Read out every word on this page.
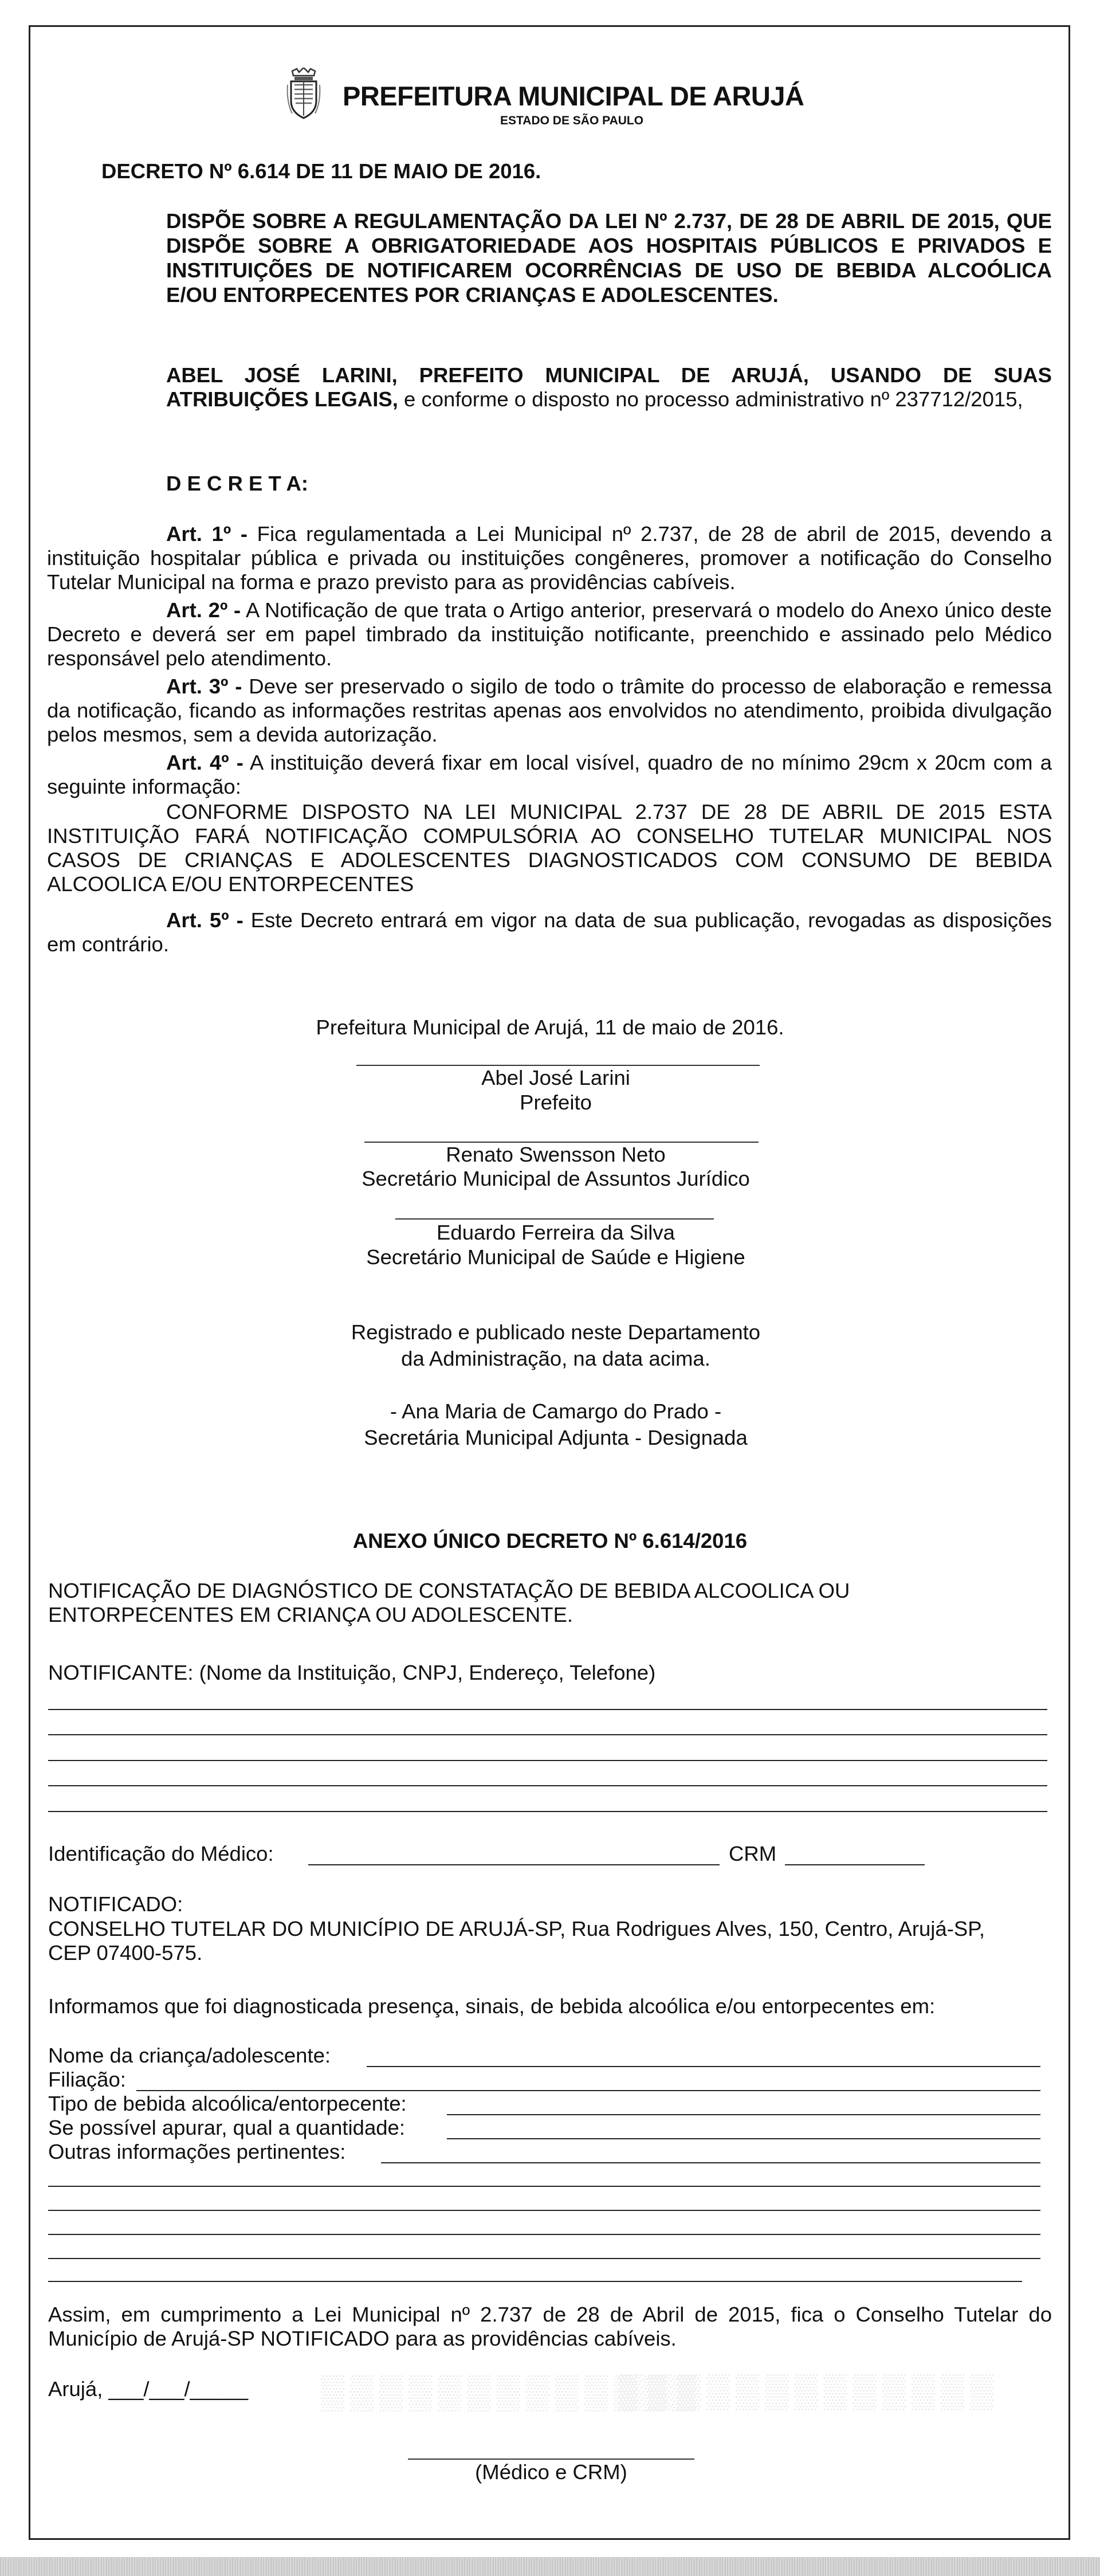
PREFEITURA MUNICIPAL DE ARUJÁ
ESTADO DE SÃO PAULO
DECRETO Nº 6.614 DE 11 DE MAIO DE 2016.
DISPÕE SOBRE A REGULAMENTAÇÃO DA LEI Nº 2.737, DE 28 DE ABRIL DE 2015, QUE DISPÕE SOBRE A OBRIGATORIEDADE AOS HOSPITAIS PÚBLICOS E PRIVADOS E INSTITUIÇÕES DE NOTIFICAREM OCORRÊNCIAS DE USO DE BEBIDA ALCOÓLICA E/OU ENTORPECENTES POR CRIANÇAS E ADOLESCENTES.
ABEL JOSÉ LARINI, PREFEITO MUNICIPAL DE ARUJÁ, USANDO DE SUAS ATRIBUIÇÕES LEGAIS, e conforme o disposto no processo administrativo nº 237712/2015,
D E C R E T A:
Art. 1º - Fica regulamentada a Lei Municipal nº 2.737, de 28 de abril de 2015, devendo a instituição hospitalar pública e privada ou instituições congêneres, promover a notificação do Conselho Tutelar Municipal na forma e prazo previsto para as providências cabíveis.
Art. 2º - A Notificação de que trata o Artigo anterior, preservará o modelo do Anexo único deste Decreto e deverá ser em papel timbrado da instituição notificante, preenchido e assinado pelo Médico responsável pelo atendimento.
Art. 3º - Deve ser preservado o sigilo de todo o trâmite do processo de elaboração e remessa da notificação, ficando as informações restritas apenas aos envolvidos no atendimento, proibida divulgação pelos mesmos, sem a devida autorização.
Art. 4º - A instituição deverá fixar em local visível, quadro de no mínimo 29cm x 20cm com a seguinte informação:
CONFORME DISPOSTO NA LEI MUNICIPAL 2.737 DE 28 DE ABRIL DE 2015 ESTA INSTITUIÇÃO FARÁ NOTIFICAÇÃO COMPULSÓRIA AO CONSELHO TUTELAR MUNICIPAL NOS CASOS DE CRIANÇAS E ADOLESCENTES DIAGNOSTICADOS COM CONSUMO DE BEBIDA ALCOOLICA E/OU ENTORPECENTES
Art. 5º - Este Decreto entrará em vigor na data de sua publicação, revogadas as disposições em contrário.
Prefeitura Municipal de Arujá, 11 de maio de 2016.
Abel José Larini
Prefeito
Renato Swensson Neto
Secretário Municipal de Assuntos Jurídico
Eduardo Ferreira da Silva
Secretário Municipal de Saúde e Higiene
Registrado e publicado neste Departamento
da Administração, na data acima.
- Ana Maria de Camargo do Prado -
Secretária Municipal Adjunta - Designada
ANEXO ÚNICO DECRETO Nº 6.614/2016
NOTIFICAÇÃO DE DIAGNÓSTICO DE CONSTATAÇÃO DE BEBIDA ALCOOLICA OU ENTORPECENTES EM CRIANÇA OU ADOLESCENTE.
NOTIFICANTE: (Nome da Instituição, CNPJ, Endereço, Telefone)
Identificação do Médico:	CRM
NOTIFICADO:
CONSELHO TUTELAR DO MUNICÍPIO DE ARUJÁ-SP, Rua Rodrigues Alves, 150, Centro, Arujá-SP, CEP 07400-575.
Informamos que foi diagnosticada presença, sinais, de bebida alcoólica e/ou entorpecentes em:
Nome da criança/adolescente:
Filiação:
Tipo de bebida alcoólica/entorpecente:
Se possível apurar, qual a quantidade:
Outras informações pertinentes:
Assim, em cumprimento a Lei Municipal nº 2.737 de 28 de Abril de 2015, fica o Conselho Tutelar do Município de Arujá-SP NOTIFICADO para as providências cabíveis.
Arujá, ___/___/_____ ▒▒▒▒▒▒▒▒▒▒▒▒▒
▒▒▒▒▒▒▒▒▒▒▒▒▒
(Médico e CRM)
